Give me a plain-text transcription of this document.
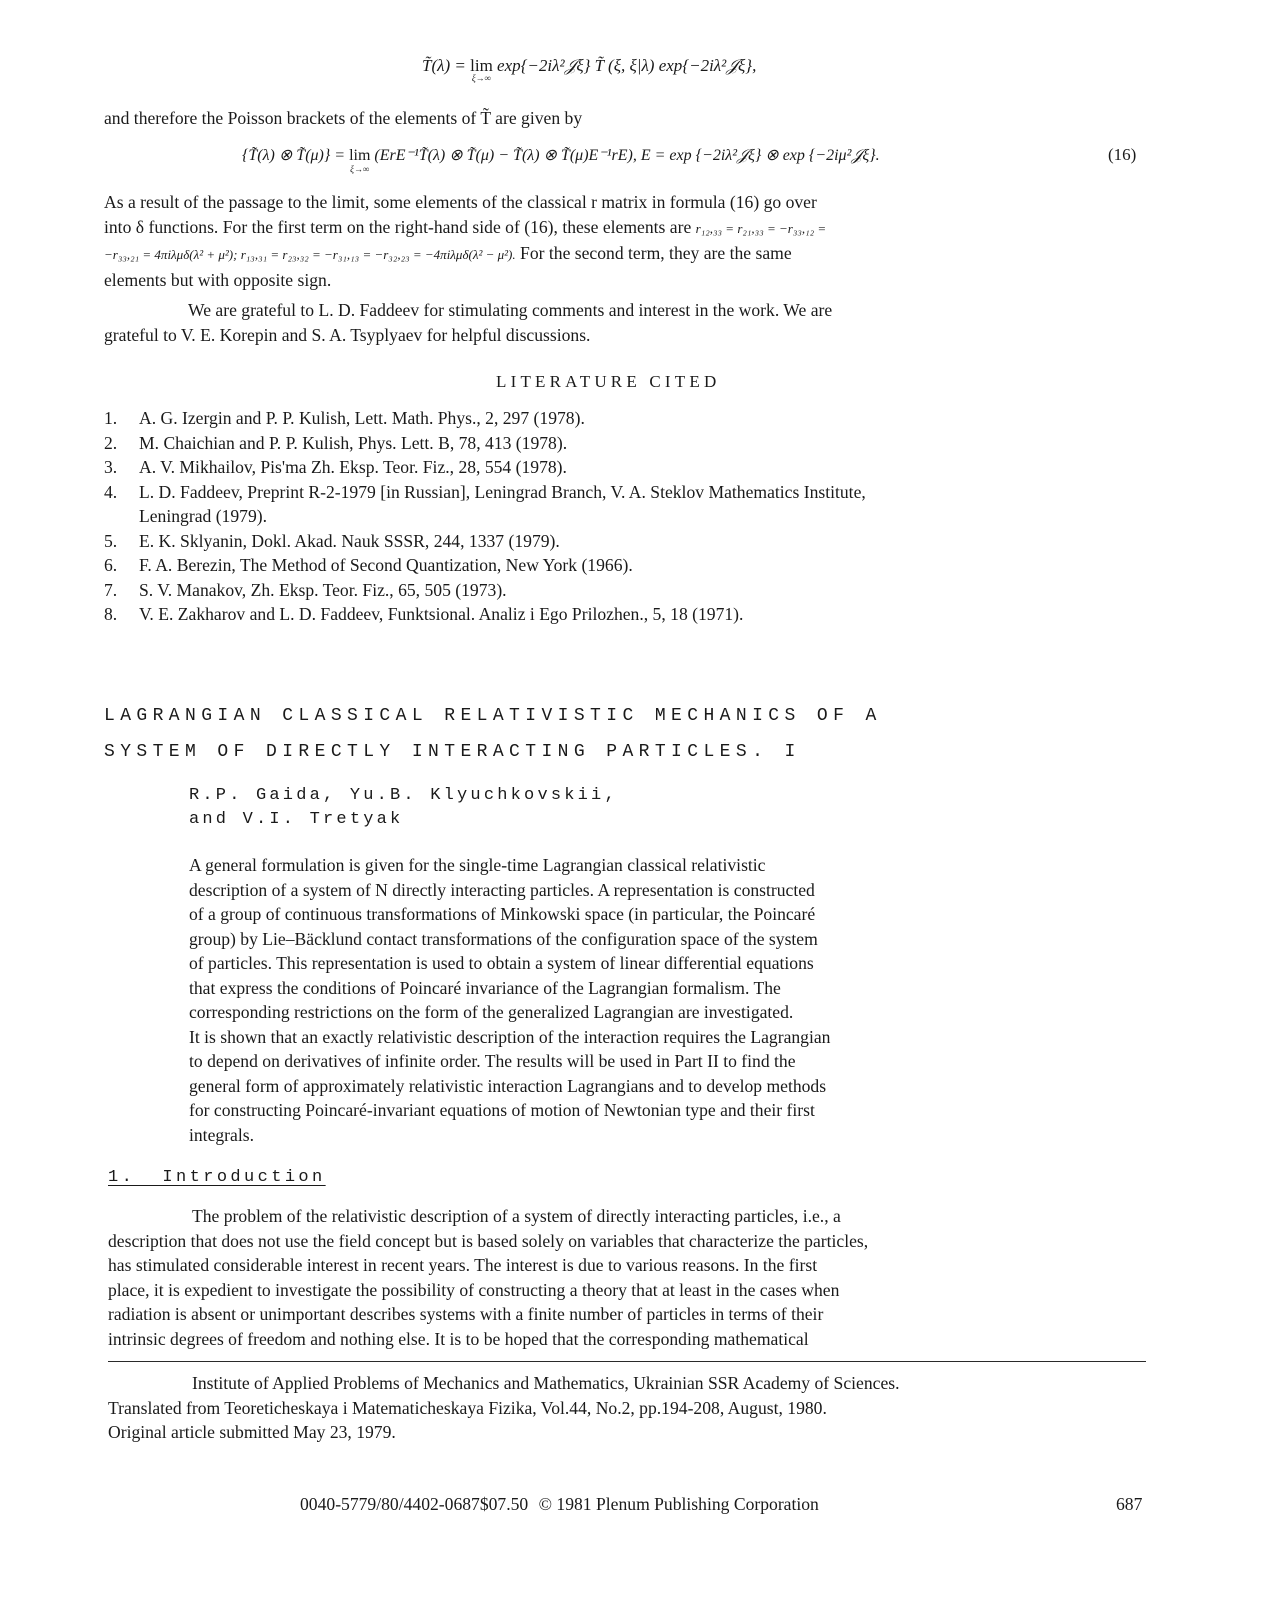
T̃(λ) = lim
ξ→∞
exp{−2iλ²𝒥ξ} T̃ (ξ, ξ|λ) exp{−2iλ²𝒥ξ},
and therefore the Poisson brackets of the elements of T̃ are given by
{T̃(λ) ⊗ T̃(μ)} = lim
ξ→∞
(ErE⁻¹T̃(λ) ⊗ T̃(μ) − T̃(λ) ⊗ T̃(μ)E⁻¹rE), E = exp {−2iλ²𝒥ξ} ⊗ exp {−2iμ²𝒥ξ}.	(16)
As a result of the passage to the limit, some elements of the classical r matrix in formula (16) go over
into δ functions. For the first term on the right-hand side of (16), these elements are r₁₂,₃₃ = r₂₁,₃₃ = −r₃₃,₁₂ =
−r₃₃,₂₁ = 4πiλμδ(λ² + μ²); r₁₃,₃₁ = r₂₃,₃₂ = −r₃₁,₁₃ = −r₃₂,₂₃ = −4πiλμδ(λ² − μ²). For the second term, they are the same
elements but with opposite sign.
We are grateful to L. D. Faddeev for stimulating comments and interest in the work. We are
grateful to V. E. Korepin and S. A. Tsyplyaev for helpful discussions.
LITERATURE CITED
1. A. G. Izergin and P. P. Kulish, Lett. Math. Phys., 2, 297 (1978).
2. M. Chaichian and P. P. Kulish, Phys. Lett. B, 78, 413 (1978).
3. A. V. Mikhailov, Pis'ma Zh. Eksp. Teor. Fiz., 28, 554 (1978).
4. L. D. Faddeev, Preprint R-2-1979 [in Russian], Leningrad Branch, V. A. Steklov Mathematics Institute,
Leningrad (1979).
5. E. K. Sklyanin, Dokl. Akad. Nauk SSSR, 244, 1337 (1979).
6. F. A. Berezin, The Method of Second Quantization, New York (1966).
7. S. V. Manakov, Zh. Eksp. Teor. Fiz., 65, 505 (1973).
8. V. E. Zakharov and L. D. Faddeev, Funktsional. Analiz i Ego Prilozhen., 5, 18 (1971).
LAGRANGIAN CLASSICAL RELATIVISTIC MECHANICS OF A
SYSTEM OF DIRECTLY INTERACTING PARTICLES. I
R.P. Gaida, Yu.B. Klyuchkovskii,
and V.I. Tretyak
A general formulation is given for the single-time Lagrangian classical relativistic
description of a system of N directly interacting particles. A representation is constructed
of a group of continuous transformations of Minkowski space (in particular, the Poincaré
group) by Lie–Bäcklund contact transformations of the configuration space of the system
of particles. This representation is used to obtain a system of linear differential equations
that express the conditions of Poincaré invariance of the Lagrangian formalism. The
corresponding restrictions on the form of the generalized Lagrangian are investigated.
It is shown that an exactly relativistic description of the interaction requires the Lagrangian
to depend on derivatives of infinite order. The results will be used in Part II to find the
general form of approximately relativistic interaction Lagrangians and to develop methods
for constructing Poincaré-invariant equations of motion of Newtonian type and their first
integrals.
1.  Introduction
The problem of the relativistic description of a system of directly interacting particles, i.e., a
description that does not use the field concept but is based solely on variables that characterize the particles,
has stimulated considerable interest in recent years. The interest is due to various reasons. In the first
place, it is expedient to investigate the possibility of constructing a theory that at least in the cases when
radiation is absent or unimportant describes systems with a finite number of particles in terms of their
intrinsic degrees of freedom and nothing else. It is to be hoped that the corresponding mathematical
Institute of Applied Problems of Mechanics and Mathematics, Ukrainian SSR Academy of Sciences.
Translated from Teoreticheskaya i Matematicheskaya Fizika, Vol.44, No.2, pp.194-208, August, 1980.
Original article submitted May 23, 1979.
0040-5779/80/4402-0687$07.50 © 1981 Plenum Publishing Corporation	687
